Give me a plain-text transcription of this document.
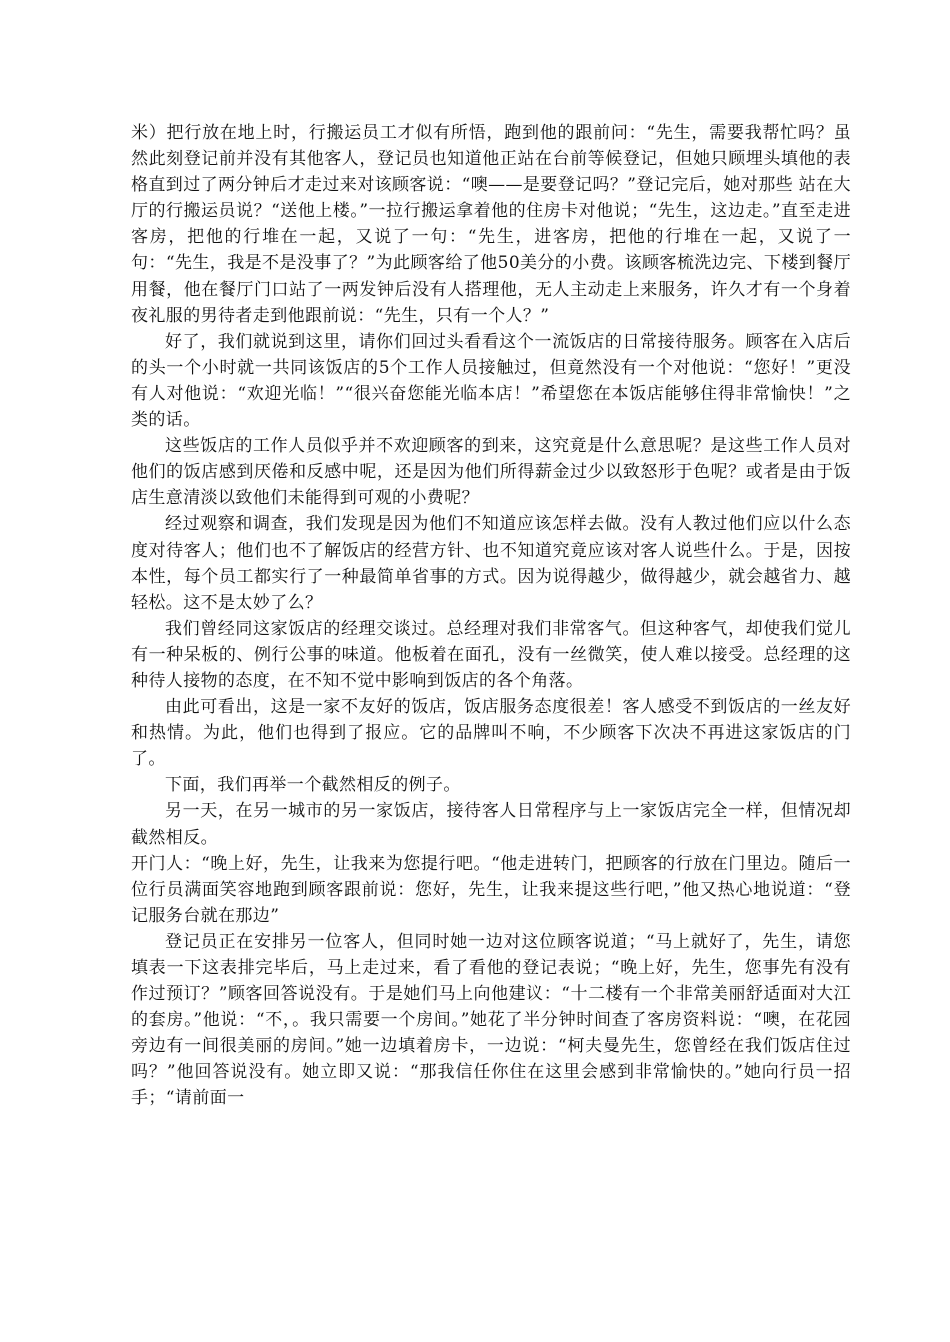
米）把行放在地上时，行搬运员工才似有所悟，跑到他的跟前问：“先生，需要我帮忙吗？虽然此刻登记前并没有其他客人，登记员也知道他正站在台前等候登记，但她只顾埋头填他的表格直到过了两分钟后才走过来对该顾客说：“噢——是要登记吗？”登记完后，她对那些 站在大厅的行搬运员说？“送他上楼。”一拉行搬运拿着他的住房卡对他说；“先生，这边走。”直至走进客房，把他的行堆在一起，又说了一句：“先生，进客房，把他的行堆在一起，又说了一句：“先生，我是不是没事了？”为此顾客给了他50美分的小费。该顾客梳洗边完、下楼到餐厅用餐，他在餐厅门口站了一两发钟后没有人搭理他，无人主动走上来服务，许久才有一个身着夜礼服的男待者走到他跟前说：“先生，只有一个人？”

好了，我们就说到这里，请你们回过头看看这个一流饭店的日常接待服务。顾客在入店后的头一个小时就一共同该饭店的5个工作人员接触过，但竟然没有一个对他说：“您好！”更没有人对他说：“欢迎光临！”“很兴奋您能光临本店！”希望您在本饭店能够住得非常愉快！”之类的话。

这些饭店的工作人员似乎并不欢迎顾客的到来，这究竟是什么意思呢？是这些工作人员对他们的饭店感到厌倦和反感中呢，还是因为他们所得薪金过少以致怒形于色呢？或者是由于饭店生意清淡以致他们未能得到可观的小费呢？

经过观察和调查，我们发现是因为他们不知道应该怎样去做。没有人教过他们应以什么态度对待客人；他们也不了解饭店的经营方针、也不知道究竟应该对客人说些什么。于是，因按本性，每个员工都实行了一种最简单省事的方式。因为说得越少，做得越少，就会越省力、越轻松。这不是太妙了么？

我们曾经同这家饭店的经理交谈过。总经理对我们非常客气。但这种客气，却使我们觉儿有一种呆板的、例行公事的味道。他板着在面孔，没有一丝微笑，使人难以接受。总经理的这种待人接物的态度，在不知不觉中影响到饭店的各个角落。

由此可看出，这是一家不友好的饭店，饭店服务态度很差！客人感受不到饭店的一丝友好和热情。为此，他们也得到了报应。它的品牌叫不响，不少顾客下次决不再进这家饭店的门了。

下面，我们再举一个截然相反的例子。

另一天，在另一城市的另一家饭店，接待客人日常程序与上一家饭店完全一样，但情况却截然相反。

开门人：“晚上好，先生，让我来为您提行吧。“他走进转门，把顾客的行放在门里边。随后一位行员满面笑容地跑到顾客跟前说：您好，先生，让我来提这些行吧，”他又热心地说道：“登记服务台就在那边”

登记员正在安排另一位客人，但同时她一边对这位顾客说道；“马上就好了，先生，请您填表一下这表排完毕后，马上走过来，看了看他的登记表说；“晚上好，先生，您事先有没有作过预订？”顾客回答说没有。于是她们马上向他建议：“十二楼有一个非常美丽舒适面对大江的套房。”他说：“不，。我只需要一个房间。”她花了半分钟时间查了客房资料说：“噢，在花园旁边有一间很美丽的房间。”她一边填着房卡，一边说：“柯夫曼先生，您曾经在我们饭店住过吗？”他回答说没有。她立即又说：“那我信任你住在这里会感到非常愉快的。”她向行员一招手；“请前面一
